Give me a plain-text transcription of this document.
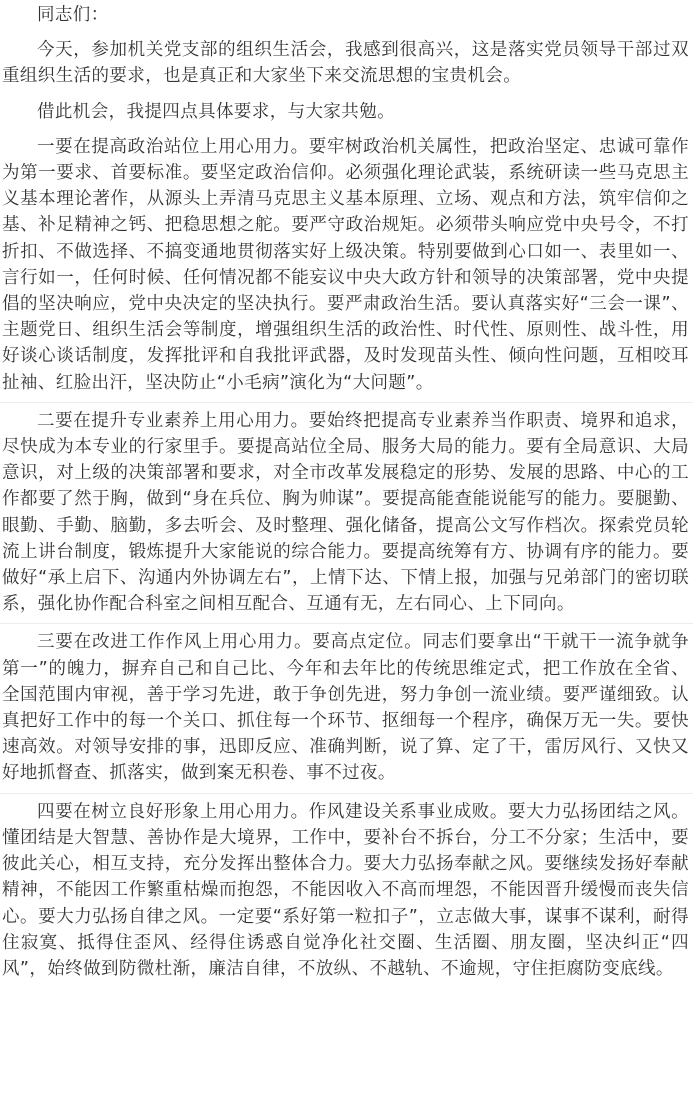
同志们：

今天，参加机关党支部的组织生活会，我感到很高兴，这是落实党员领导干部过双重组织生活的要求，也是真正和大家坐下来交流思想的宝贵机会。

借此机会，我提四点具体要求，与大家共勉。

一要在提高政治站位上用心用力。要牢树政治机关属性，把政治坚定、忠诚可靠作为第一要求、首要标准。要坚定政治信仰。必须强化理论武装，系统研读一些马克思主义基本理论著作，从源头上弄清马克思主义基本原理、立场、观点和方法，筑牢信仰之基、补足精神之钙、把稳思想之舵。要严守政治规矩。必须带头响应党中央号令，不打折扣、不做选择、不搞变通地贯彻落实好上级决策。特别要做到心口如一、表里如一、言行如一，任何时候、任何情况都不能妄议中央大政方针和领导的决策部署，党中央提倡的坚决响应，党中央决定的坚决执行。要严肃政治生活。要认真落实好“三会一课”、主题党日、组织生活会等制度，增强组织生活的政治性、时代性、原则性、战斗性，用好谈心谈话制度，发挥批评和自我批评武器，及时发现苗头性、倾向性问题，互相咬耳扯袖、红脸出汗，坚决防止“小毛病”演化为“大问题”。

二要在提升专业素养上用心用力。要始终把提高专业素养当作职责、境界和追求，尽快成为本专业的行家里手。要提高站位全局、服务大局的能力。要有全局意识、大局意识，对上级的决策部署和要求，对全市改革发展稳定的形势、发展的思路、中心的工作都要了然于胸，做到“身在兵位、胸为帅谋”。要提高能查能说能写的能力。要腿勤、眼勤、手勤、脑勤，多去听会、及时整理、强化储备，提高公文写作档次。探索党员轮流上讲台制度，锻炼提升大家能说的综合能力。要提高统筹有方、协调有序的能力。要做好“承上启下、沟通内外协调左右”，上情下达、下情上报，加强与兄弟部门的密切联系，强化协作配合科室之间相互配合、互通有无，左右同心、上下同向。

三要在改进工作作风上用心用力。要高点定位。同志们要拿出“干就干一流争就争第一”的魄力，摒弃自己和自己比、今年和去年比的传统思维定式，把工作放在全省、全国范围内审视，善于学习先进，敢于争创先进，努力争创一流业绩。要严谨细致。认真把好工作中的每一个关口、抓住每一个环节、抠细每一个程序，确保万无一失。要快速高效。对领导安排的事，迅即反应、准确判断，说了算、定了干，雷厉风行、又快又好地抓督查、抓落实，做到案无积卷、事不过夜。

四要在树立良好形象上用心用力。作风建设关系事业成败。要大力弘扬团结之风。懂团结是大智慧、善协作是大境界，工作中，要补台不拆台，分工不分家；生活中，要彼此关心，相互支持，充分发挥出整体合力。要大力弘扬奉献之风。要继续发扬好奉献精神，不能因工作繁重枯燥而抱怨，不能因收入不高而埋怨，不能因晋升缓慢而丧失信心。要大力弘扬自律之风。一定要“系好第一粒扣子”，立志做大事，谋事不谋利，耐得住寂寞、抵得住歪风、经得住诱惑自觉净化社交圈、生活圈、朋友圈，坚决纠正“四风”，始终做到防微杜渐，廉洁自律，不放纵、不越轨、不逾规，守住拒腐防变底线。
